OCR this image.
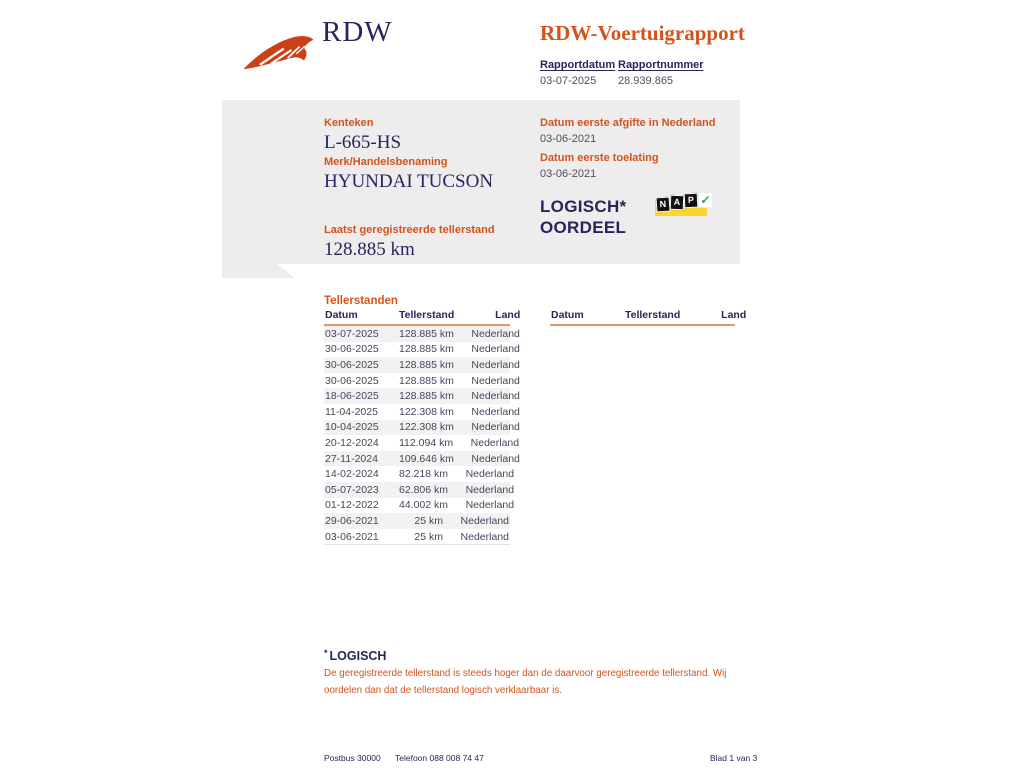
RDW	RDW-Voertuigrapport
Rapportdatum
03-07-2025
Rapportnummer
28.939.865
Kenteken
L-665-HS
Merk/Handelsbenaming
HYUNDAI TUCSON
Laatst geregistreerde tellerstand
128.885 km
Datum eerste afgifte in Nederland
03-06-2021
Datum eerste toelating
03-06-2021
LOGISCH*
OORDEEL
N A P ✓
Tellerstanden
Datum	Tellerstand	Land
03-07-2025	128.885 km	Nederland
30-06-2025	128.885 km	Nederland
30-06-2025	128.885 km	Nederland
30-06-2025	128.885 km	Nederland
18-06-2025	128.885 km	Nederland
11-04-2025	122.308 km	Nederland
10-04-2025	122.308 km	Nederland
20-12-2024	112.094 km	Nederland
27-11-2024	109.646 km	Nederland
14-02-2024	82.218 km	Nederland
05-07-2023	62.806 km	Nederland
01-12-2022	44.002 km	Nederland
29-06-2021	25 km	Nederland
03-06-2021	25 km	Nederland
Datum	Tellerstand	Land
* LOGISCH
De geregistreerde tellerstand is steeds hoger dan de daarvoor geregistreerde tellerstand. Wij oordelen dan dat de tellerstand logisch verklaarbaar is.
Postbus 30000 Telefoon 088 008 74 47	Blad 1 van 3
